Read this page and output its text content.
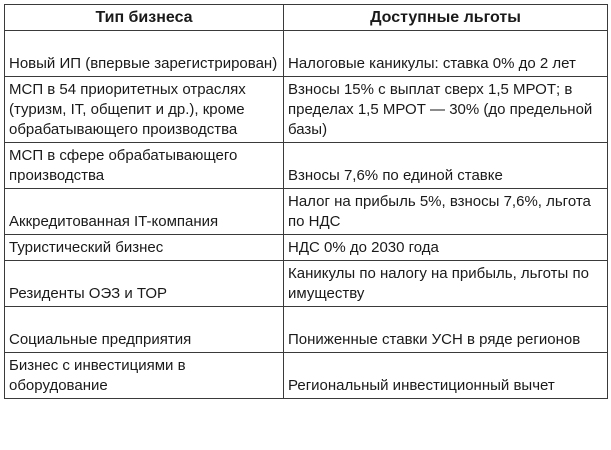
Тип бизнеса	Доступные льготы
Новый ИП (впервые зарегистрирован)	Налоговые каникулы: ставка 0% до 2 лет
МСП в 54 приоритетных отраслях (туризм, IT, общепит и др.), кроме обрабатывающего производства	Взносы 15% с выплат сверх 1,5 МРОТ; в пределах 1,5 МРОТ — 30% (до предельной базы)
МСП в сфере обрабатывающего производства	Взносы 7,6% по единой ставке
Аккредитованная IT-компания	Налог на прибыль 5%, взносы 7,6%, льгота по НДС
Туристический бизнес	НДС 0% до 2030 года
Резиденты ОЭЗ и ТОР	Каникулы по налогу на прибыль, льготы по имуществу
Социальные предприятия	Пониженные ставки УСН в ряде регионов
Бизнес с инвестициями в оборудование	Региональный инвестиционный вычет
